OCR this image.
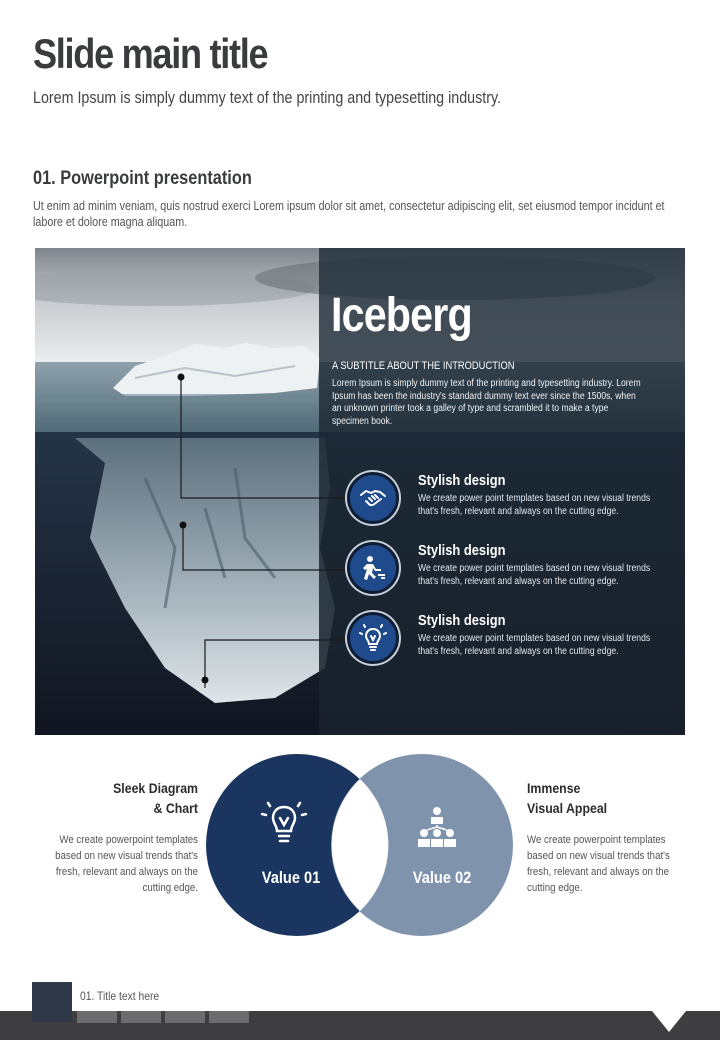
Slide main title
Lorem Ipsum is simply dummy text of the printing and typesetting industry.
01. Powerpoint presentation
Ut enim ad minim veniam, quis nostrud exerci Lorem ipsum dolor sit amet, consectetur adipiscing elit, set eiusmod tempor incidunt et labore et dolore magna aliquam.
Iceberg
A SUBTITLE ABOUT THE INTRODUCTION
Lorem Ipsum is simply dummy text of the printing and typesetting industry. Lorem Ipsum has been the industry's standard dummy text ever since the 1500s, when an unknown printer took a galley of type and scrambled it to make a type specimen book.
Stylish design
We create power point templates based on new visual trends that's fresh, relevant and always on the cutting edge.
Stylish design
We create power point templates based on new visual trends that's fresh, relevant and always on the cutting edge.
Stylish design
We create power point templates based on new visual trends that's fresh, relevant and always on the cutting edge.
Sleek Diagram
& Chart
We create powerpoint templates based on new visual trends that's fresh, relevant and always on the cutting edge.
Immense
Visual Appeal
We create powerpoint templates based on new visual trends that's fresh, relevant and always on the cutting edge.
Value 01	Value 02
01. Title text here
